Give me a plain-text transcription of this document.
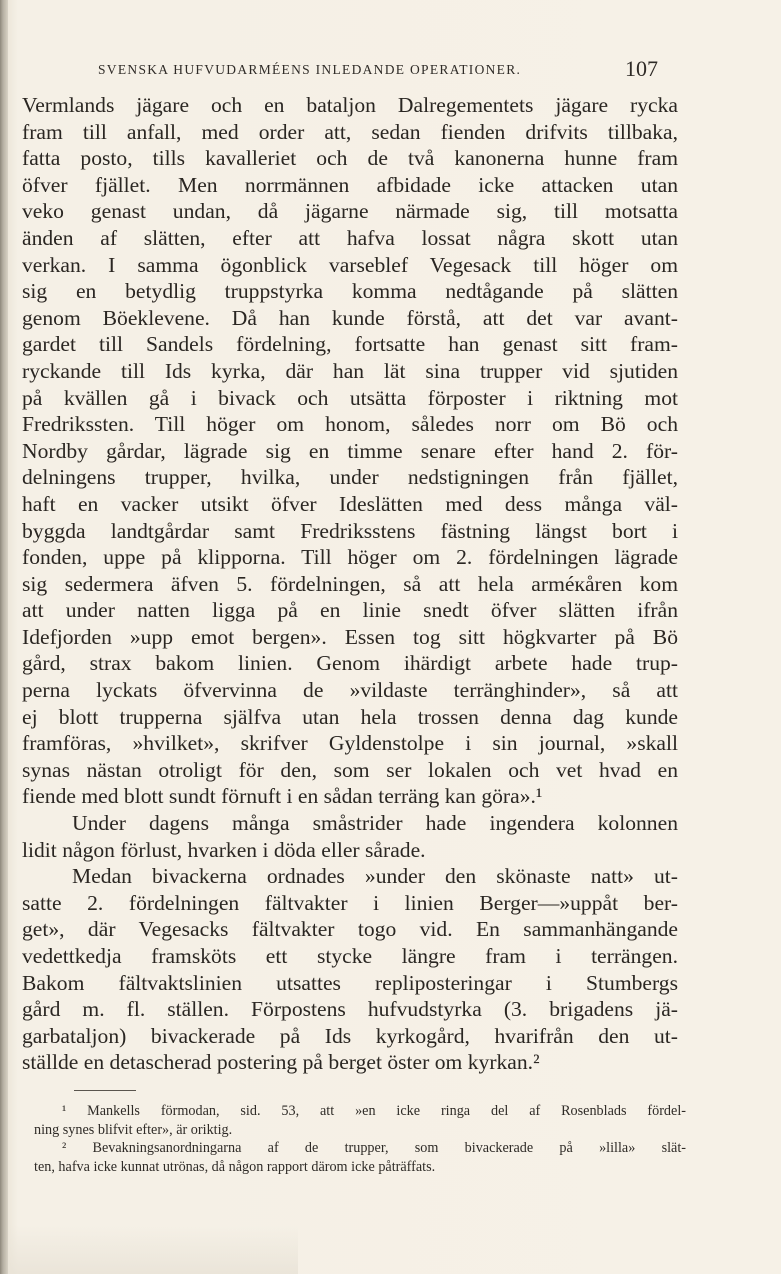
SVENSKA HUFVUDARMÉENS INLEDANDE OPERATIONER.	107
Vermlands jägare och en bataljon Dalregementets jägare rycka
fram till anfall, med order att, sedan fienden drifvits tillbaka,
fatta posto, tills kavalleriet och de två kanonerna hunne fram
öfver fjället. Men norrmännen afbidade icke attacken utan
veko genast undan, då jägarne närmade sig, till motsatta
änden af slätten, efter att hafva lossat några skott utan
verkan. I samma ögonblick varseblef Vegesack till höger om
sig en betydlig truppstyrka komma nedtågande på slätten
genom Böeklevene. Då han kunde förstå, att det var avant-
gardet till Sandels fördelning, fortsatte han genast sitt fram-
ryckande till Ids kyrka, där han lät sina trupper vid sjutiden
på kvällen gå i bivack och utsätta förposter i riktning mot
Fredrikssten. Till höger om honom, således norr om Bö och
Nordby gårdar, lägrade sig en timme senare efter hand 2. för-
delningens trupper, hvilka, under nedstigningen från fjället,
haft en vacker utsikt öfver Ideslätten med dess många väl-
byggda landtgårdar samt Fredriksstens fästning längst bort i
fonden, uppe på klipporna. Till höger om 2. fördelningen lägrade
sig sedermera äfven 5. fördelningen, så att hela arméкåren kom
att under natten ligga på en linie snedt öfver slätten ifrån
Idefjorden »upp emot bergen». Essen tog sitt högkvarter på Bö
gård, strax bakom linien. Genom ihärdigt arbete hade trup-
perna lyckats öfvervinna de »vildaste terränghinder», så att
ej blott trupperna själfva utan hela trossen denna dag kunde
framföras, »hvilket», skrifver Gyldenstolpe i sin journal, »skall
synas nästan otroligt för den, som ser lokalen och vet hvad en
fiende med blott sundt förnuft i en sådan terräng kan göra».¹
Under dagens många småstrider hade ingendera kolonnen
lidit någon förlust, hvarken i döda eller sårade.
Medan bivackerna ordnades »under den skönaste natt» ut-
satte 2. fördelningen fältvakter i linien Berger—»uppåt ber-
get», där Vegesacks fältvakter togo vid. En sammanhängande
vedettkedja framsköts ett stycke längre fram i terrängen.
Bakom fältvaktslinien utsattes repliposteringar i Stumbergs
gård m. fl. ställen. Förpostens hufvudstyrka (3. brigadens jä-
garbataljon) bivackerade på Ids kyrkogård, hvarifrån den ut-
ställde en detascherad postering på berget öster om kyrkan.²
¹ Mankells förmodan, sid. 53, att »en icke ringa del af Rosenblads fördel-
ning synes blifvit efter», är oriktig.
² Bevakningsanordningarna af de trupper, som bivackerade på »lilla» slät-
ten, hafva icke kunnat utrönas, då någon rapport därom icke påträffats.
